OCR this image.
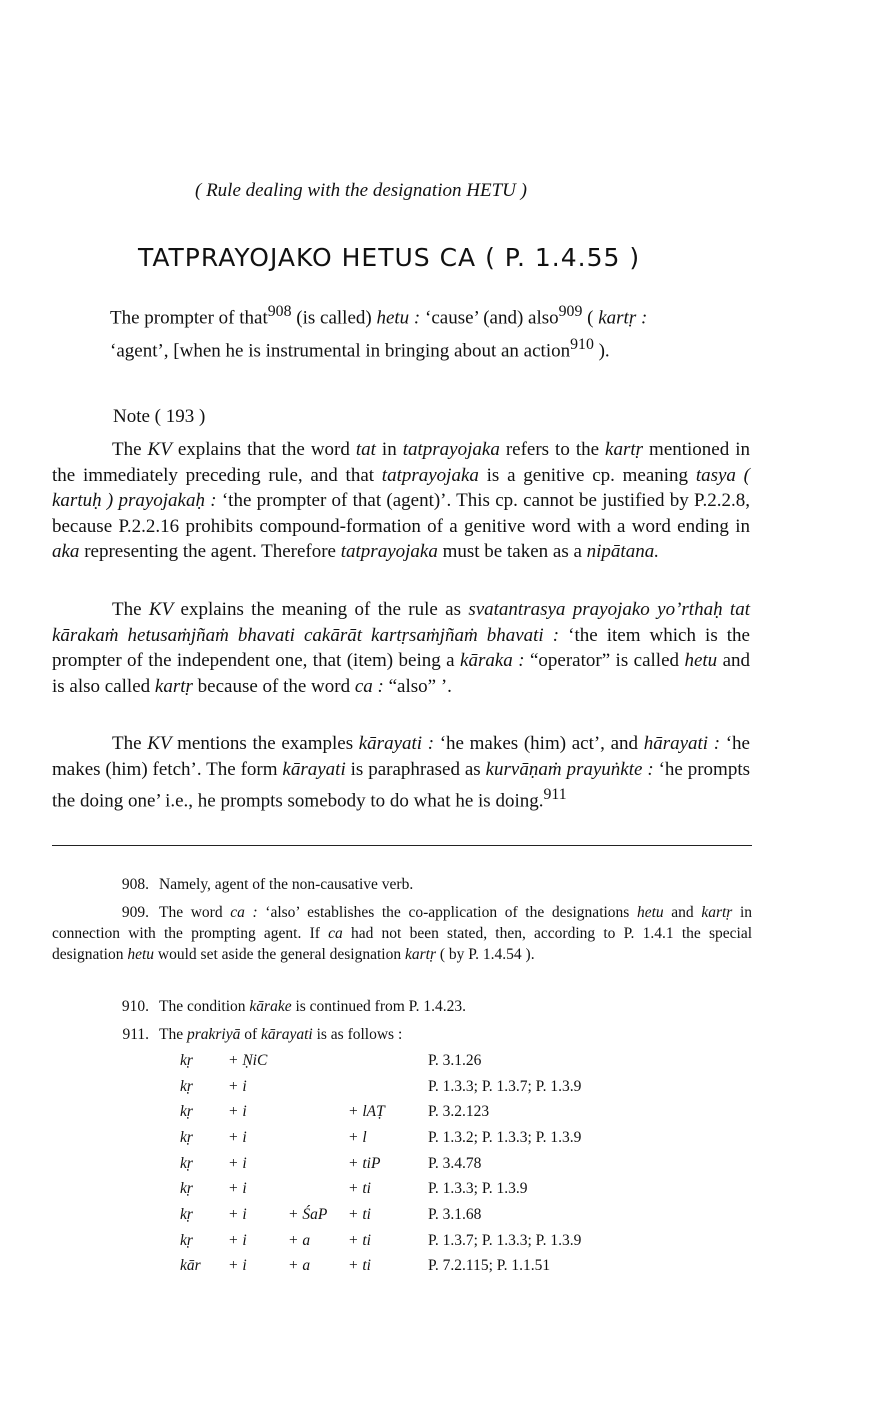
( Rule dealing with the designation HETU )
TATPRAYOJAKO HETUS CA ( P. 1.4.55 )
The prompter of that$^{908}$ (is called) hetu : ‘cause’ (and) also$^{909}$ ( kartṛ : ‘agent’, [when he is instrumental in bringing about an action$^{910}$ ).
Note ( 193 )
The KV explains that the word tat in tatprayojaka refers to the kartṛ mentioned in the immediately preceding rule, and that tatprayojaka is a genitive cp. meaning tasya ( kartuḥ ) prayojakaḥ : ‘the prompter of that (agent)’. This cp. cannot be justified by P.2.2.8, because P.2.2.16 prohibits compound-formation of a genitive word with a word ending in aka representing the agent. Therefore tatprayojaka must be taken as a nipātana.
The KV explains the meaning of the rule as svatantrasya prayojako yo’rthaḥ tat kārakaṁ hetusaṁjñaṁ bhavati cakārāt kartṛsaṁjñaṁ bhavati : ‘the item which is the prompter of the independent one, that (item) being a kāraka : “operator” is called hetu and is also called kartṛ because of the word ca : “also” ’.
The KV mentions the examples kārayati : ‘he makes (him) act’, and hārayati : ‘he makes (him) fetch’. The form kārayati is paraphrased as kurvāṇaṁ prayuṅkte : ‘he prompts the doing one’ i.e., he prompts somebody to do what he is doing.$^{911}$
908. Namely, agent of the non-causative verb.
909. The word ca : ‘also’ establishes the co-application of the designations hetu and kartṛ in connection with the prompting agent. If ca had not been stated, then, according to P. 1.4.1 the special designation hetu would set aside the general designation kartṛ ( by P. 1.4.54 ).
910. The condition kārake is continued from P. 1.4.23.
911. The prakriyā of kārayati is as follows :
kṛ	+ ṆiC			P. 3.1.26
kṛ	+ i			P. 1.3.3; P. 1.3.7; P. 1.3.9
kṛ	+ i		+ lAṬ	P. 3.2.123
kṛ	+ i		+ l	P. 1.3.2; P. 1.3.3; P. 1.3.9
kṛ	+ i		+ tiP	P. 3.4.78
kṛ	+ i		+ ti	P. 1.3.3; P. 1.3.9
kṛ	+ i	+ ŚaP	+ ti	P. 3.1.68
kṛ	+ i	+ a	+ ti	P. 1.3.7; P. 1.3.3; P. 1.3.9
kār	+ i	+ a	+ ti	P. 7.2.115; P. 1.1.51
